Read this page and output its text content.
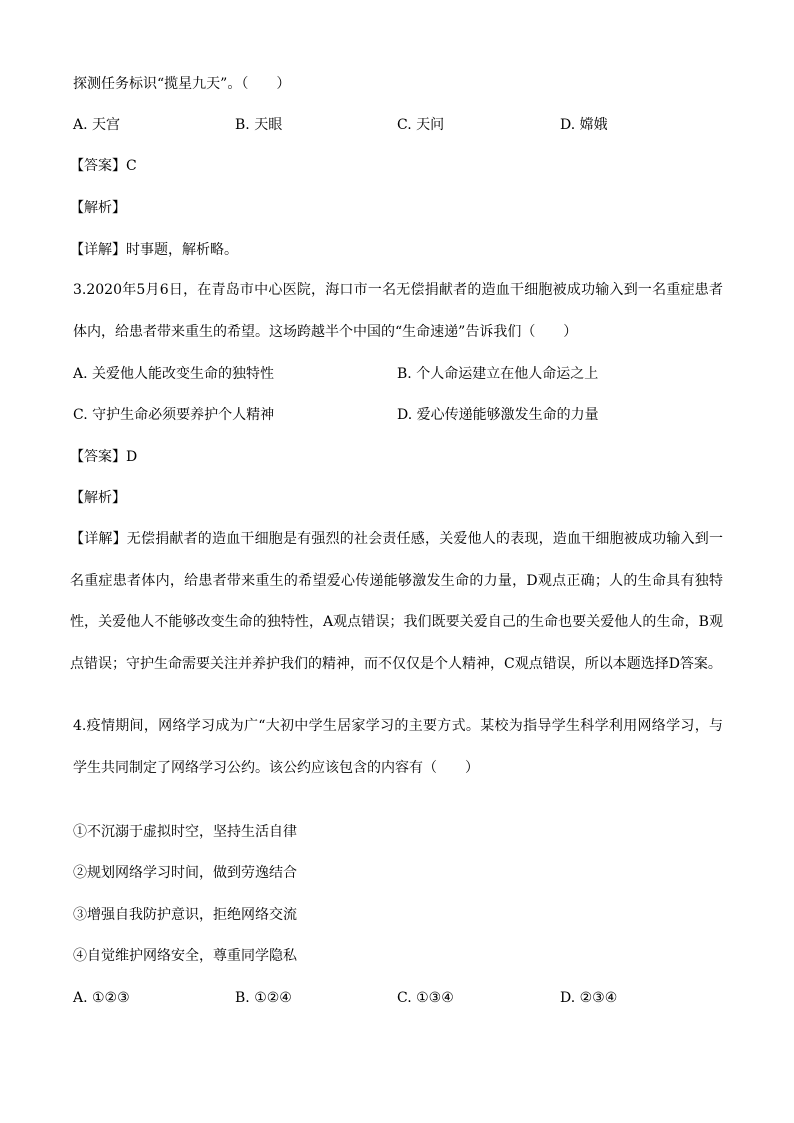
探测任务标识“揽星九天”。（　　）
A. 天宫	B. 天眼	C. 天问	D. 嫦娥
【答案】C
【解析】
【详解】时事题，解析略。
3.2020年5月6日，在青岛市中心医院，海口市一名无偿捐献者的造血干细胞被成功输入到一名重症患者体内，给患者带来重生的希望。这场跨越半个中国的“生命速递”告诉我们（　　）
A. 关爱他人能改变生命的独特性	B. 个人命运建立在他人命运之上
C. 守护生命必须要养护个人精神	D. 爱心传递能够激发生命的力量
【答案】D
【解析】
【详解】无偿捐献者的造血干细胞是有强烈的社会责任感，关爱他人的表现，造血干细胞被成功输入到一名重症患者体内，给患者带来重生的希望爱心传递能够激发生命的力量，D观点正确；人的生命具有独特性，关爱他人不能够改变生命的独特性，A观点错误；我们既要关爱自己的生命也要关爱他人的生命，B观点错误；守护生命需要关注并养护我们的精神，而不仅仅是个人精神，C观点错误，所以本题选择D答案。
4.疫情期间，网络学习成为广“大初中学生居家学习的主要方式。某校为指导学生科学利用网络学习，与学生共同制定了网络学习公约。该公约应该包含的内容有（　　）
①不沉溺于虚拟时空，坚持生活自律
②规划网络学习时间，做到劳逸结合
③增强自我防护意识，拒绝网络交流
④自觉维护网络安全，尊重同学隐私
A. ①②③	B. ①②④	C. ①③④	D. ②③④
